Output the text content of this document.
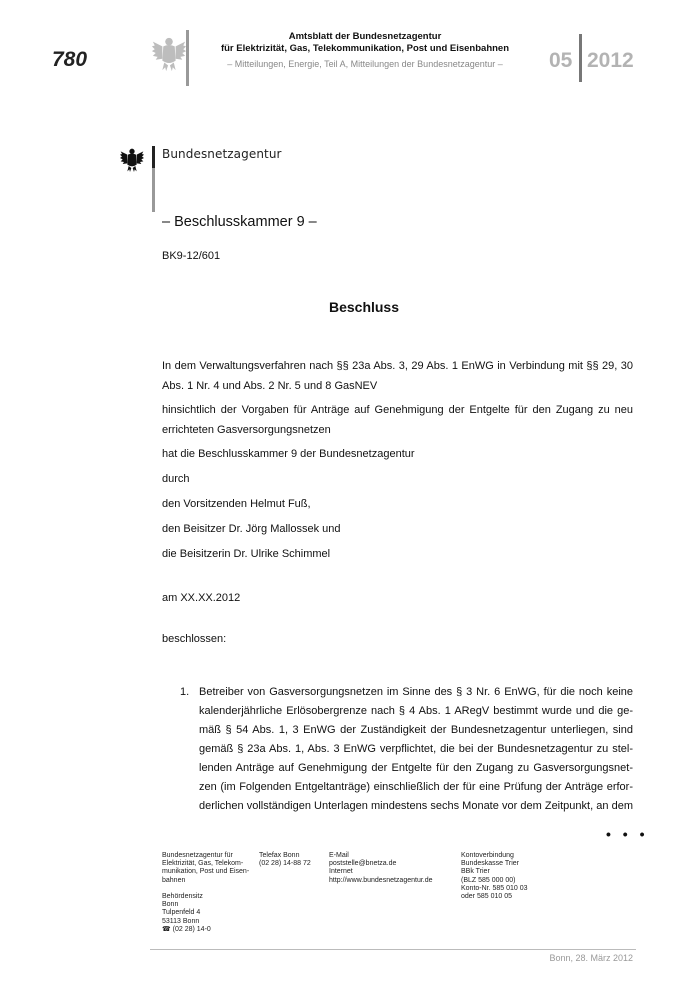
780
Amtsblatt der Bundesnetzagentur
für Elektrizität, Gas, Telekommunikation, Post und Eisenbahnen
– Mitteilungen, Energie, Teil A, Mitteilungen der Bundesnetzagentur –	05 2012
Bundesnetzagentur
– Beschlusskammer 9 –
BK9-12/601
Beschluss
In dem Verwaltungsverfahren nach §§ 23a Abs. 3, 29 Abs. 1 EnWG in Verbindung mit §§ 29, 30
Abs. 1 Nr. 4 und Abs. 2 Nr. 5 und 8 GasNEV
hinsichtlich der Vorgaben für Anträge auf Genehmigung der Entgelte für den Zugang zu neu
errichteten Gasversorgungsnetzen
hat die Beschlusskammer 9 der Bundesnetzagentur
durch
den Vorsitzenden Helmut Fuß,
den Beisitzer Dr. Jörg Mallossek und
die Beisitzerin Dr. Ulrike Schimmel
am XX.XX.2012
beschlossen:
1. Betreiber von Gasversorgungsnetzen im Sinne des § 3 Nr. 6 EnWG, für die noch keine
kalenderjährliche Erlösobergrenze nach § 4 Abs. 1 ARegV bestimmt wurde und die ge-
mäß § 54 Abs. 1, 3 EnWG der Zuständigkeit der Bundesnetzagentur unterliegen, sind
gemäß § 23a Abs. 1, Abs. 3 EnWG verpflichtet, die bei der Bundesnetzagentur zu stel-
lenden Anträge auf Genehmigung der Entgelte für den Zugang zu Gasversorgungsnet-
zen (im Folgenden Entgeltanträge) einschließlich der für eine Prüfung der Anträge erfor-
derlichen vollständigen Unterlagen mindestens sechs Monate vor dem Zeitpunkt, an dem
• • •

Bundesnetzagentur für

Elektrizität, Gas, Telekom-

munikation, Post und Eisen-

bahnen

Behördensitz

Bonn

Tulpenfeld 4

53113 Bonn

☎ (02 28) 14-0

Telefax Bonn

(02 28) 14-88 72

E-Mail

poststelle@bnetza.de

Internet

http://www.bundesnetzagentur.de

Kontoverbindung

Bundeskasse Trier

BBk Trier

(BLZ 585 000 00)

Konto-Nr. 585 010 03

oder 585 010 05

Bonn, 28. März 2012
